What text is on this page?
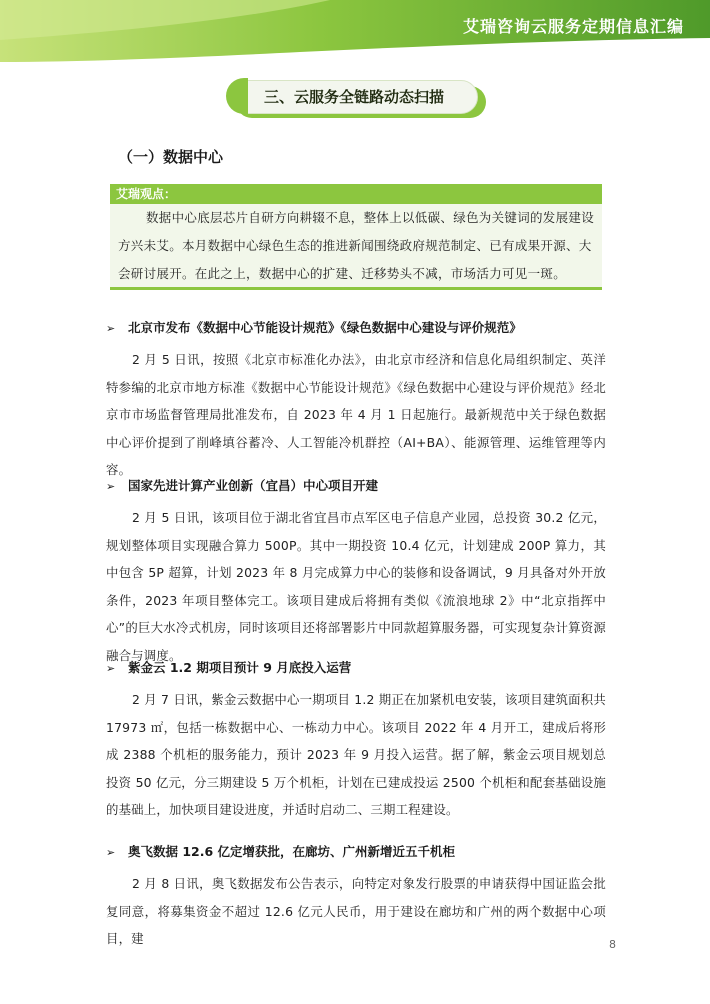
艾瑞咨询云服务定期信息汇编
三、云服务全链路动态扫描
（一）数据中心
艾瑞观点：
数据中心底层芯片自研方向耕辍不息，整体上以低碳、绿色为关键词的发展建设方兴未艾。本月数据中心绿色生态的推进新闻围绕政府规范制定、已有成果开源、大会研讨展开。在此之上，数据中心的扩建、迁移势头不减，市场活力可见一斑。
➢ 北京市发布《数据中心节能设计规范》《绿色数据中心建设与评价规范》
2 月 5 日讯，按照《北京市标准化办法》，由北京市经济和信息化局组织制定、英洋特参编的北京市地方标准《数据中心节能设计规范》《绿色数据中心建设与评价规范》经北京市市场监督管理局批准发布，自 2023 年 4 月 1 日起施行。最新规范中关于绿色数据中心评价提到了削峰填谷蓄冷、人工智能冷机群控（AI+BA）、能源管理、运维管理等内容。
➢ 国家先进计算产业创新（宜昌）中心项目开建
2 月 5 日讯，该项目位于湖北省宜昌市点军区电子信息产业园，总投资 30.2 亿元，规划整体项目实现融合算力 500P。其中一期投资 10.4 亿元，计划建成 200P 算力，其中包含 5P 超算，计划 2023 年 8 月完成算力中心的装修和设备调试，9 月具备对外开放条件，2023 年项目整体完工。该项目建成后将拥有类似《流浪地球 2》中“北京指挥中心”的巨大水冷式机房，同时该项目还将部署影片中同款超算服务器，可实现复杂计算资源融合与调度。
➢ 紫金云 1.2 期项目预计 9 月底投入运营
2 月 7 日讯，紫金云数据中心一期项目 1.2 期正在加紧机电安装，该项目建筑面积共 17973 ㎡，包括一栋数据中心、一栋动力中心。该项目 2022 年 4 月开工，建成后将形成 2388 个机柜的服务能力，预计 2023 年 9 月投入运营。据了解，紫金云项目规划总投资 50 亿元，分三期建设 5 万个机柜，计划在已建成投运 2500 个机柜和配套基础设施的基础上，加快项目建设进度，并适时启动二、三期工程建设。
➢ 奥飞数据 12.6 亿定增获批，在廊坊、广州新增近五千机柜
2 月 8 日讯，奥飞数据发布公告表示，向特定对象发行股票的申请获得中国证监会批复同意，将募集资金不超过 12.6 亿元人民币，用于建设在廊坊和广州的两个数据中心项目，建	8
